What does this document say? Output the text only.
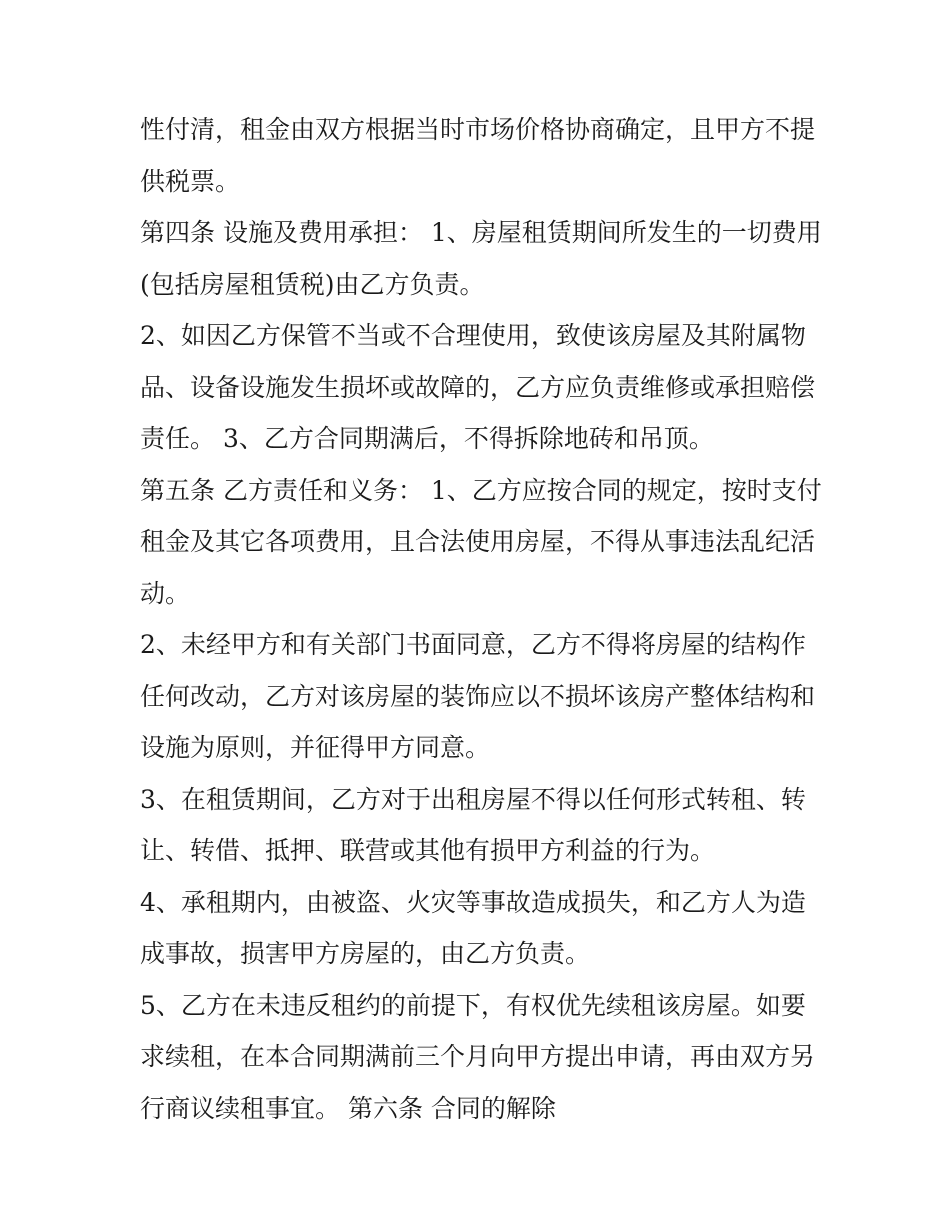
性付清，租金由双方根据当时市场价格协商确定，且甲方不提
供税票。

第四条 设施及费用承担： 1、房屋租赁期间所发生的一切费用
(包括房屋租赁税)由乙方负责。

2、如因乙方保管不当或不合理使用，致使该房屋及其附属物
品、设备设施发生损坏或故障的，乙方应负责维修或承担赔偿
责任。 3、乙方合同期满后，不得拆除地砖和吊顶。

第五条 乙方责任和义务： 1、乙方应按合同的规定，按时支付
租金及其它各项费用，且合法使用房屋，不得从事违法乱纪活
动。

2、未经甲方和有关部门书面同意，乙方不得将房屋的结构作
任何改动，乙方对该房屋的装饰应以不损坏该房产整体结构和
设施为原则，并征得甲方同意。

3、在租赁期间，乙方对于出租房屋不得以任何形式转租、转
让、转借、抵押、联营或其他有损甲方利益的行为。

4、承租期内，由被盗、火灾等事故造成损失，和乙方人为造
成事故，损害甲方房屋的，由乙方负责。

5、乙方在未违反租约的前提下，有权优先续租该房屋。如要
求续租，在本合同期满前三个月向甲方提出申请，再由双方另
行商议续租事宜。 第六条 合同的解除
